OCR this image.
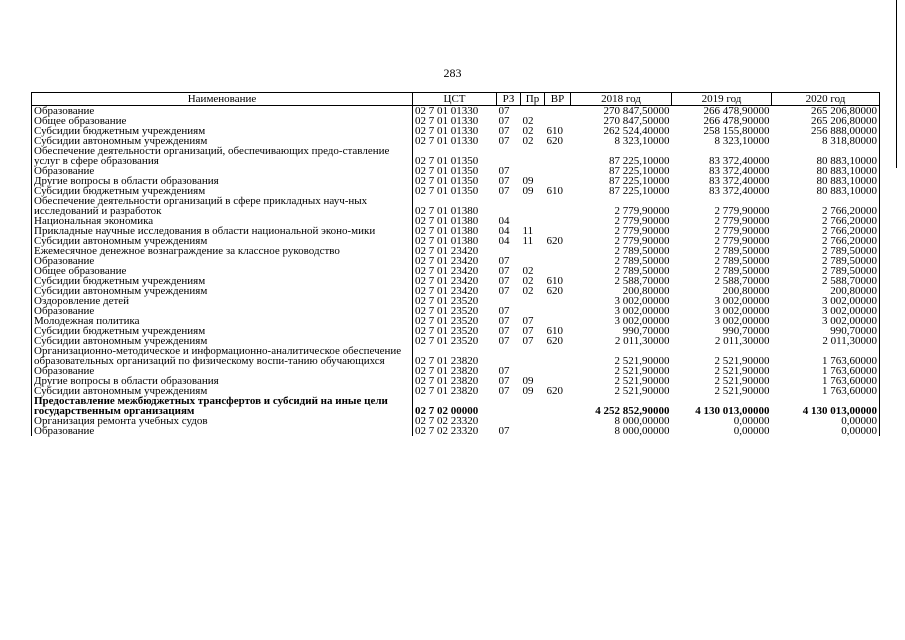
283
Наименование	ЦСТ	РЗ	Пр	ВР	2018 год	2019 год	2020 год
Образование	02 7 01 01330	07			270 847,50000	266 478,90000	265 206,80000
Общее образование	02 7 01 01330	07	02		270 847,50000	266 478,90000	265 206,80000
Субсидии бюджетным учреждениям	02 7 01 01330	07	02	610	262 524,40000	258 155,80000	256 888,00000
Субсидии автономным учреждениям	02 7 01 01330	07	02	620	8 323,10000	8 323,10000	8 318,80000
Обеспечение деятельности организаций, обеспечивающих предо-ставление услуг в сфере образования	02 7 01 01350				87 225,10000	83 372,40000	80 883,10000
Образование	02 7 01 01350	07			87 225,10000	83 372,40000	80 883,10000
Другие вопросы в области образования	02 7 01 01350	07	09		87 225,10000	83 372,40000	80 883,10000
Субсидии бюджетным учреждениям	02 7 01 01350	07	09	610	87 225,10000	83 372,40000	80 883,10000
Обеспечение деятельности организаций в сфере прикладных науч-ных исследований и разработок	02 7 01 01380				2 779,90000	2 779,90000	2 766,20000
Национальная экономика	02 7 01 01380	04			2 779,90000	2 779,90000	2 766,20000
Прикладные научные исследования в области национальной эконо-мики	02 7 01 01380	04	11		2 779,90000	2 779,90000	2 766,20000
Субсидии автономным учреждениям	02 7 01 01380	04	11	620	2 779,90000	2 779,90000	2 766,20000
Ежемесячное денежное вознаграждение за классное руководство	02 7 01 23420				2 789,50000	2 789,50000	2 789,50000
Образование	02 7 01 23420	07			2 789,50000	2 789,50000	2 789,50000
Общее образование	02 7 01 23420	07	02		2 789,50000	2 789,50000	2 789,50000
Субсидии бюджетным учреждениям	02 7 01 23420	07	02	610	2 588,70000	2 588,70000	2 588,70000
Субсидии автономным учреждениям	02 7 01 23420	07	02	620	200,80000	200,80000	200,80000
Оздоровление детей	02 7 01 23520				3 002,00000	3 002,00000	3 002,00000
Образование	02 7 01 23520	07			3 002,00000	3 002,00000	3 002,00000
Молодежная политика	02 7 01 23520	07	07		3 002,00000	3 002,00000	3 002,00000
Субсидии бюджетным учреждениям	02 7 01 23520	07	07	610	990,70000	990,70000	990,70000
Субсидии автономным учреждениям	02 7 01 23520	07	07	620	2 011,30000	2 011,30000	2 011,30000
Организационно-методическое и информационно-аналитическое обеспечение образовательных организаций по физическому воспи-танию обучающихся	02 7 01 23820				2 521,90000	2 521,90000	1 763,60000
Образование	02 7 01 23820	07			2 521,90000	2 521,90000	1 763,60000
Другие вопросы в области образования	02 7 01 23820	07	09		2 521,90000	2 521,90000	1 763,60000
Субсидии автономным учреждениям	02 7 01 23820	07	09	620	2 521,90000	2 521,90000	1 763,60000
Предоставление межбюджетных трансфертов и субсидий на иные цели государственным организациям	02 7 02 00000				4 252 852,90000	4 130 013,00000	4 130 013,00000
Организация ремонта учебных судов	02 7 02 23320				8 000,00000	0,00000	0,00000
Образование	02 7 02 23320	07			8 000,00000	0,00000	0,00000
